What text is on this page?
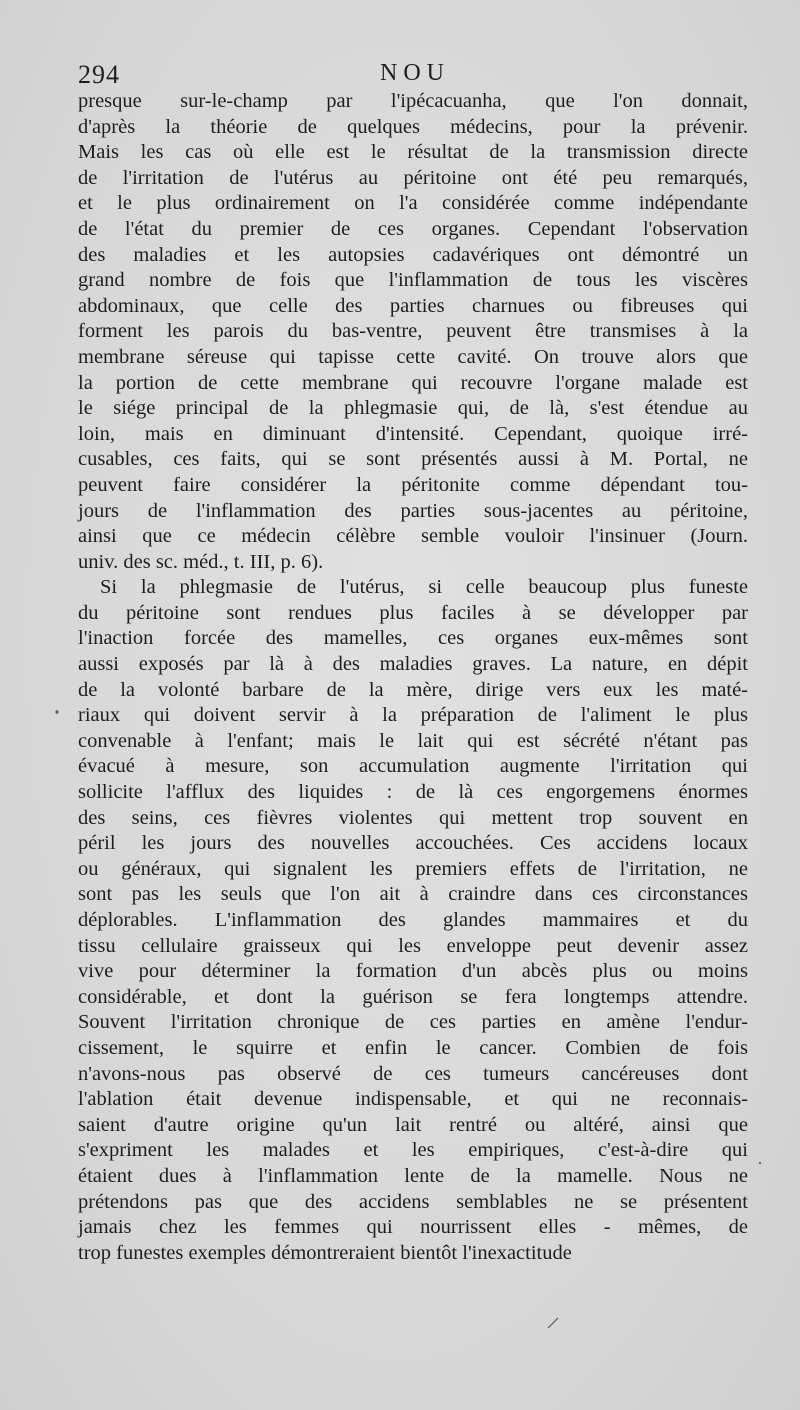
294	NOU
presque sur-le-champ par l'ipécacuanha, que l'on donnait,
d'après la théorie de quelques médecins, pour la prévenir.
Mais les cas où elle est le résultat de la transmission directe
de l'irritation de l'utérus au péritoine ont été peu remarqués,
et le plus ordinairement on l'a considérée comme indépendante
de l'état du premier de ces organes. Cependant l'observation
des maladies et les autopsies cadavériques ont démontré un
grand nombre de fois que l'inflammation de tous les viscères
abdominaux, que celle des parties charnues ou fibreuses qui
forment les parois du bas-ventre, peuvent être transmises à la
membrane séreuse qui tapisse cette cavité. On trouve alors que
la portion de cette membrane qui recouvre l'organe malade est
le siége principal de la phlegmasie qui, de là, s'est étendue au
loin, mais en diminuant d'intensité. Cependant, quoique irré-
cusables, ces faits, qui se sont présentés aussi à M. Portal, ne
peuvent faire considérer la péritonite comme dépendant tou-
jours de l'inflammation des parties sous-jacentes au péritoine,
ainsi que ce médecin célèbre semble vouloir l'insinuer (Journ.
univ. des sc. méd., t. III, p. 6).
Si la phlegmasie de l'utérus, si celle beaucoup plus funeste
du péritoine sont rendues plus faciles à se développer par
l'inaction forcée des mamelles, ces organes eux-mêmes sont
aussi exposés par là à des maladies graves. La nature, en dépit
de la volonté barbare de la mère, dirige vers eux les maté-
riaux qui doivent servir à la préparation de l'aliment le plus
convenable à l'enfant; mais le lait qui est sécrété n'étant pas
évacué à mesure, son accumulation augmente l'irritation qui
sollicite l'afflux des liquides : de là ces engorgemens énormes
des seins, ces fièvres violentes qui mettent trop souvent en
péril les jours des nouvelles accouchées. Ces accidens locaux
ou généraux, qui signalent les premiers effets de l'irritation, ne
sont pas les seuls que l'on ait à craindre dans ces circonstances
déplorables. L'inflammation des glandes mammaires et du
tissu cellulaire graisseux qui les enveloppe peut devenir assez
vive pour déterminer la formation d'un abcès plus ou moins
considérable, et dont la guérison se fera longtemps attendre.
Souvent l'irritation chronique de ces parties en amène l'endur-
cissement, le squirre et enfin le cancer. Combien de fois
n'avons-nous pas observé de ces tumeurs cancéreuses dont
l'ablation était devenue indispensable, et qui ne reconnais-
saient d'autre origine qu'un lait rentré ou altéré, ainsi que
s'expriment les malades et les empiriques, c'est-à-dire qui
étaient dues à l'inflammation lente de la mamelle. Nous ne
prétendons pas que des accidens semblables ne se présentent
jamais chez les femmes qui nourrissent elles - mêmes, de
trop funestes exemples démontreraient bientôt l'inexactitude
